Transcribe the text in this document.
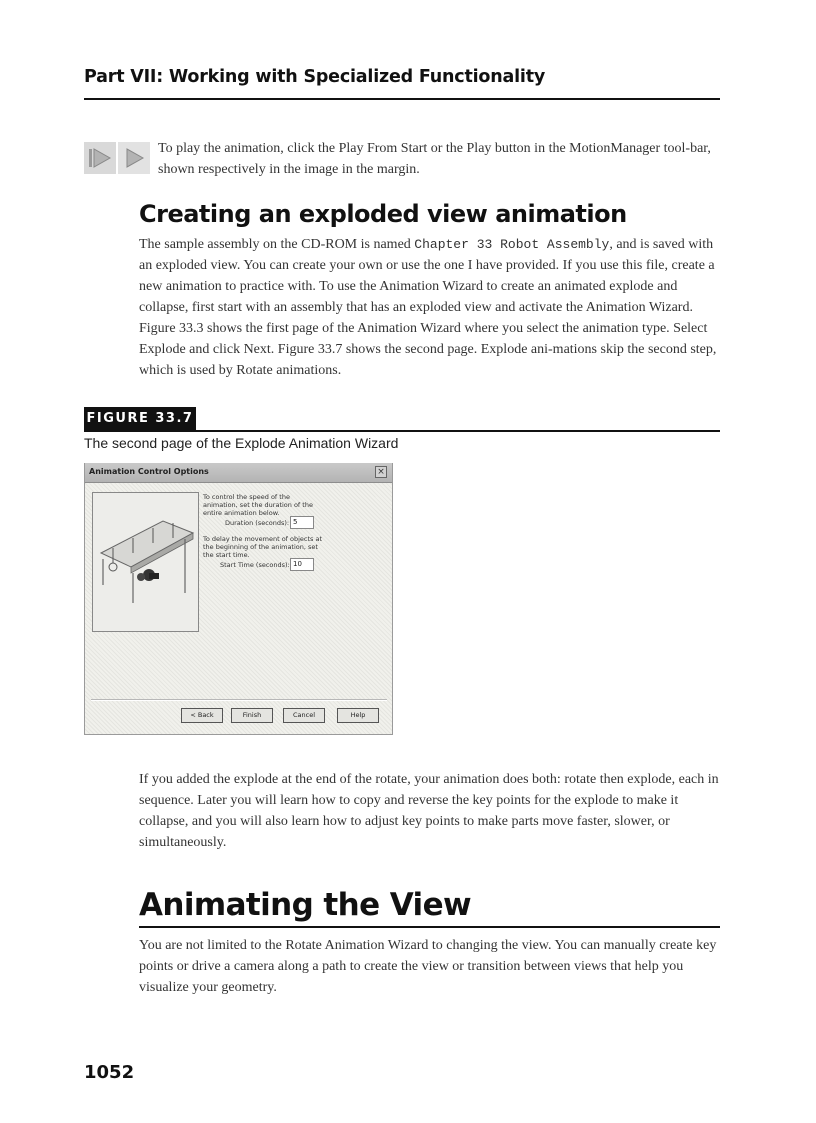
Part VII: Working with Specialized Functionality
To play the animation, click the Play From Start or the Play button in the MotionManager tool-bar, shown respectively in the image in the margin.
Creating an exploded view animation
The sample assembly on the CD-ROM is named Chapter 33 Robot Assembly, and is saved with an exploded view. You can create your own or use the one I have provided. If you use this file, create a new animation to practice with. To use the Animation Wizard to create an animated explode and collapse, first start with an assembly that has an exploded view and activate the Animation Wizard. Figure 33.3 shows the first page of the Animation Wizard where you select the animation type. Select Explode and click Next. Figure 33.7 shows the second page. Explode ani-mations skip the second step, which is used by Rotate animations.
FIGURE 33.7
The second page of the Explode Animation Wizard
Animation Control Options	×
To control the speed of the animation, set the duration of the entire animation below.
Duration (seconds): 5
To delay the movement of objects at the beginning of the animation, set the start time.
Start Time (seconds): 10
< Back	Finish	Cancel	Help
If you added the explode at the end of the rotate, your animation does both: rotate then explode, each in sequence. Later you will learn how to copy and reverse the key points for the explode to make it collapse, and you will also learn how to adjust key points to make parts move faster, slower, or simultaneously.
Animating the View
You are not limited to the Rotate Animation Wizard to changing the view. You can manually create key points or drive a camera along a path to create the view or transition between views that help you visualize your geometry.
1052
